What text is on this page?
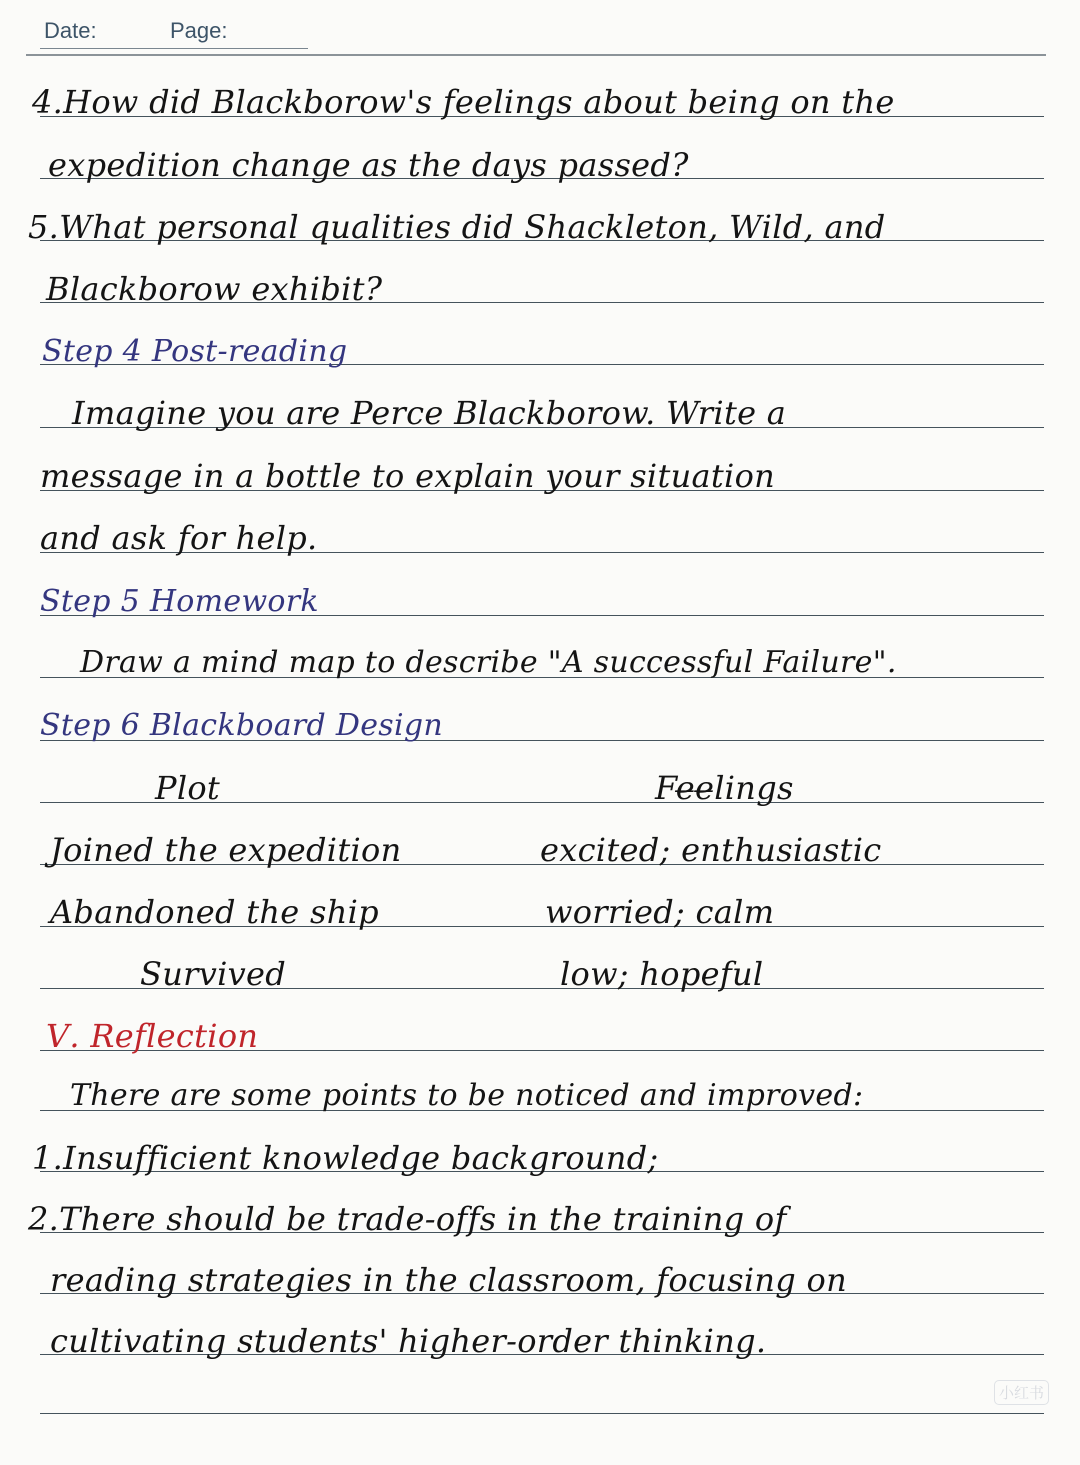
Date:	Page:
4.How did Blackborow's feelings about being on the
expedition change as the days passed?
5.What personal qualities did Shackleton, Wild, and
Blackborow exhibit?
Step 4 Post-reading
Imagine you are Perce Blackborow. Write a
message in a bottle to explain your situation
and ask for help.
Step 5 Homework
Draw a mind map to describe "A successful Failure".
Step 6 Blackboard Design
Plot	Fe̶e̶lings
Joined the expedition	excited; enthusiastic
Abandoned the ship	worried; calm
Survived	low; hopeful
Ⅴ. Reflection
There are some points to be noticed and improved:
1.Insufficient knowledge background;
2.There should be trade-offs in the training of
reading strategies in the classroom, focusing on
cultivating students' higher-order thinking.
小红书
